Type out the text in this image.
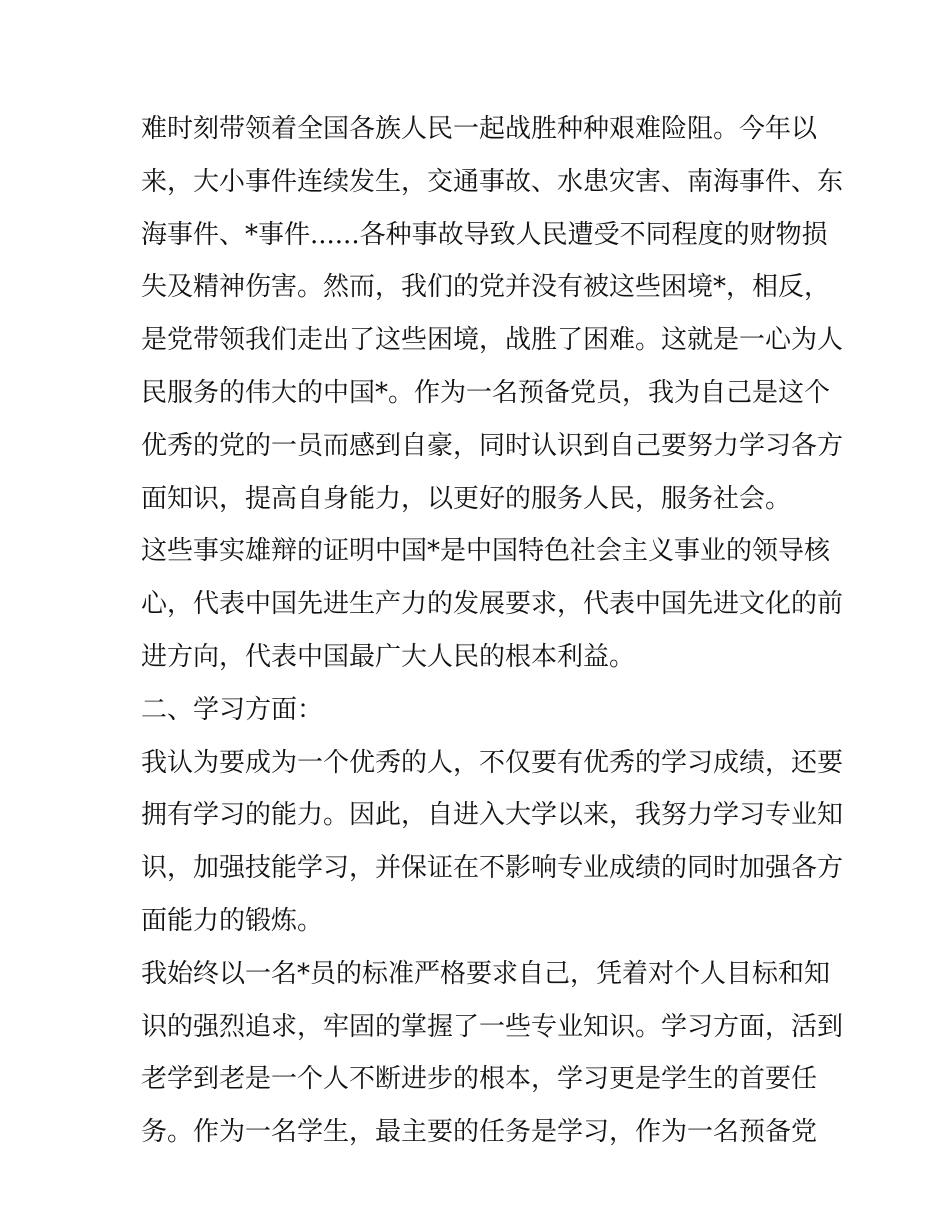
难时刻带领着全国各族人民一起战胜种种艰难险阻。今年以
来，大小事件连续发生，交通事故、水患灾害、南海事件、东
海事件、*事件......各种事故导致人民遭受不同程度的财物损
失及精神伤害。然而，我们的党并没有被这些困境*，相反，
是党带领我们走出了这些困境，战胜了困难。这就是一心为人
民服务的伟大的中国*。作为一名预备党员，我为自己是这个
优秀的党的一员而感到自豪，同时认识到自己要努力学习各方
面知识，提高自身能力，以更好的服务人民，服务社会。
这些事实雄辩的证明中国*是中国特色社会主义事业的领导核
心，代表中国先进生产力的发展要求，代表中国先进文化的前
进方向，代表中国最广大人民的根本利益。
二、学习方面：
我认为要成为一个优秀的人，不仅要有优秀的学习成绩，还要
拥有学习的能力。因此，自进入大学以来，我努力学习专业知
识，加强技能学习，并保证在不影响专业成绩的同时加强各方
面能力的锻炼。
我始终以一名*员的标准严格要求自己，凭着对个人目标和知
识的强烈追求，牢固的掌握了一些专业知识。学习方面，活到
老学到老是一个人不断进步的根本，学习更是学生的首要任
务。作为一名学生，最主要的任务是学习，作为一名预备党
